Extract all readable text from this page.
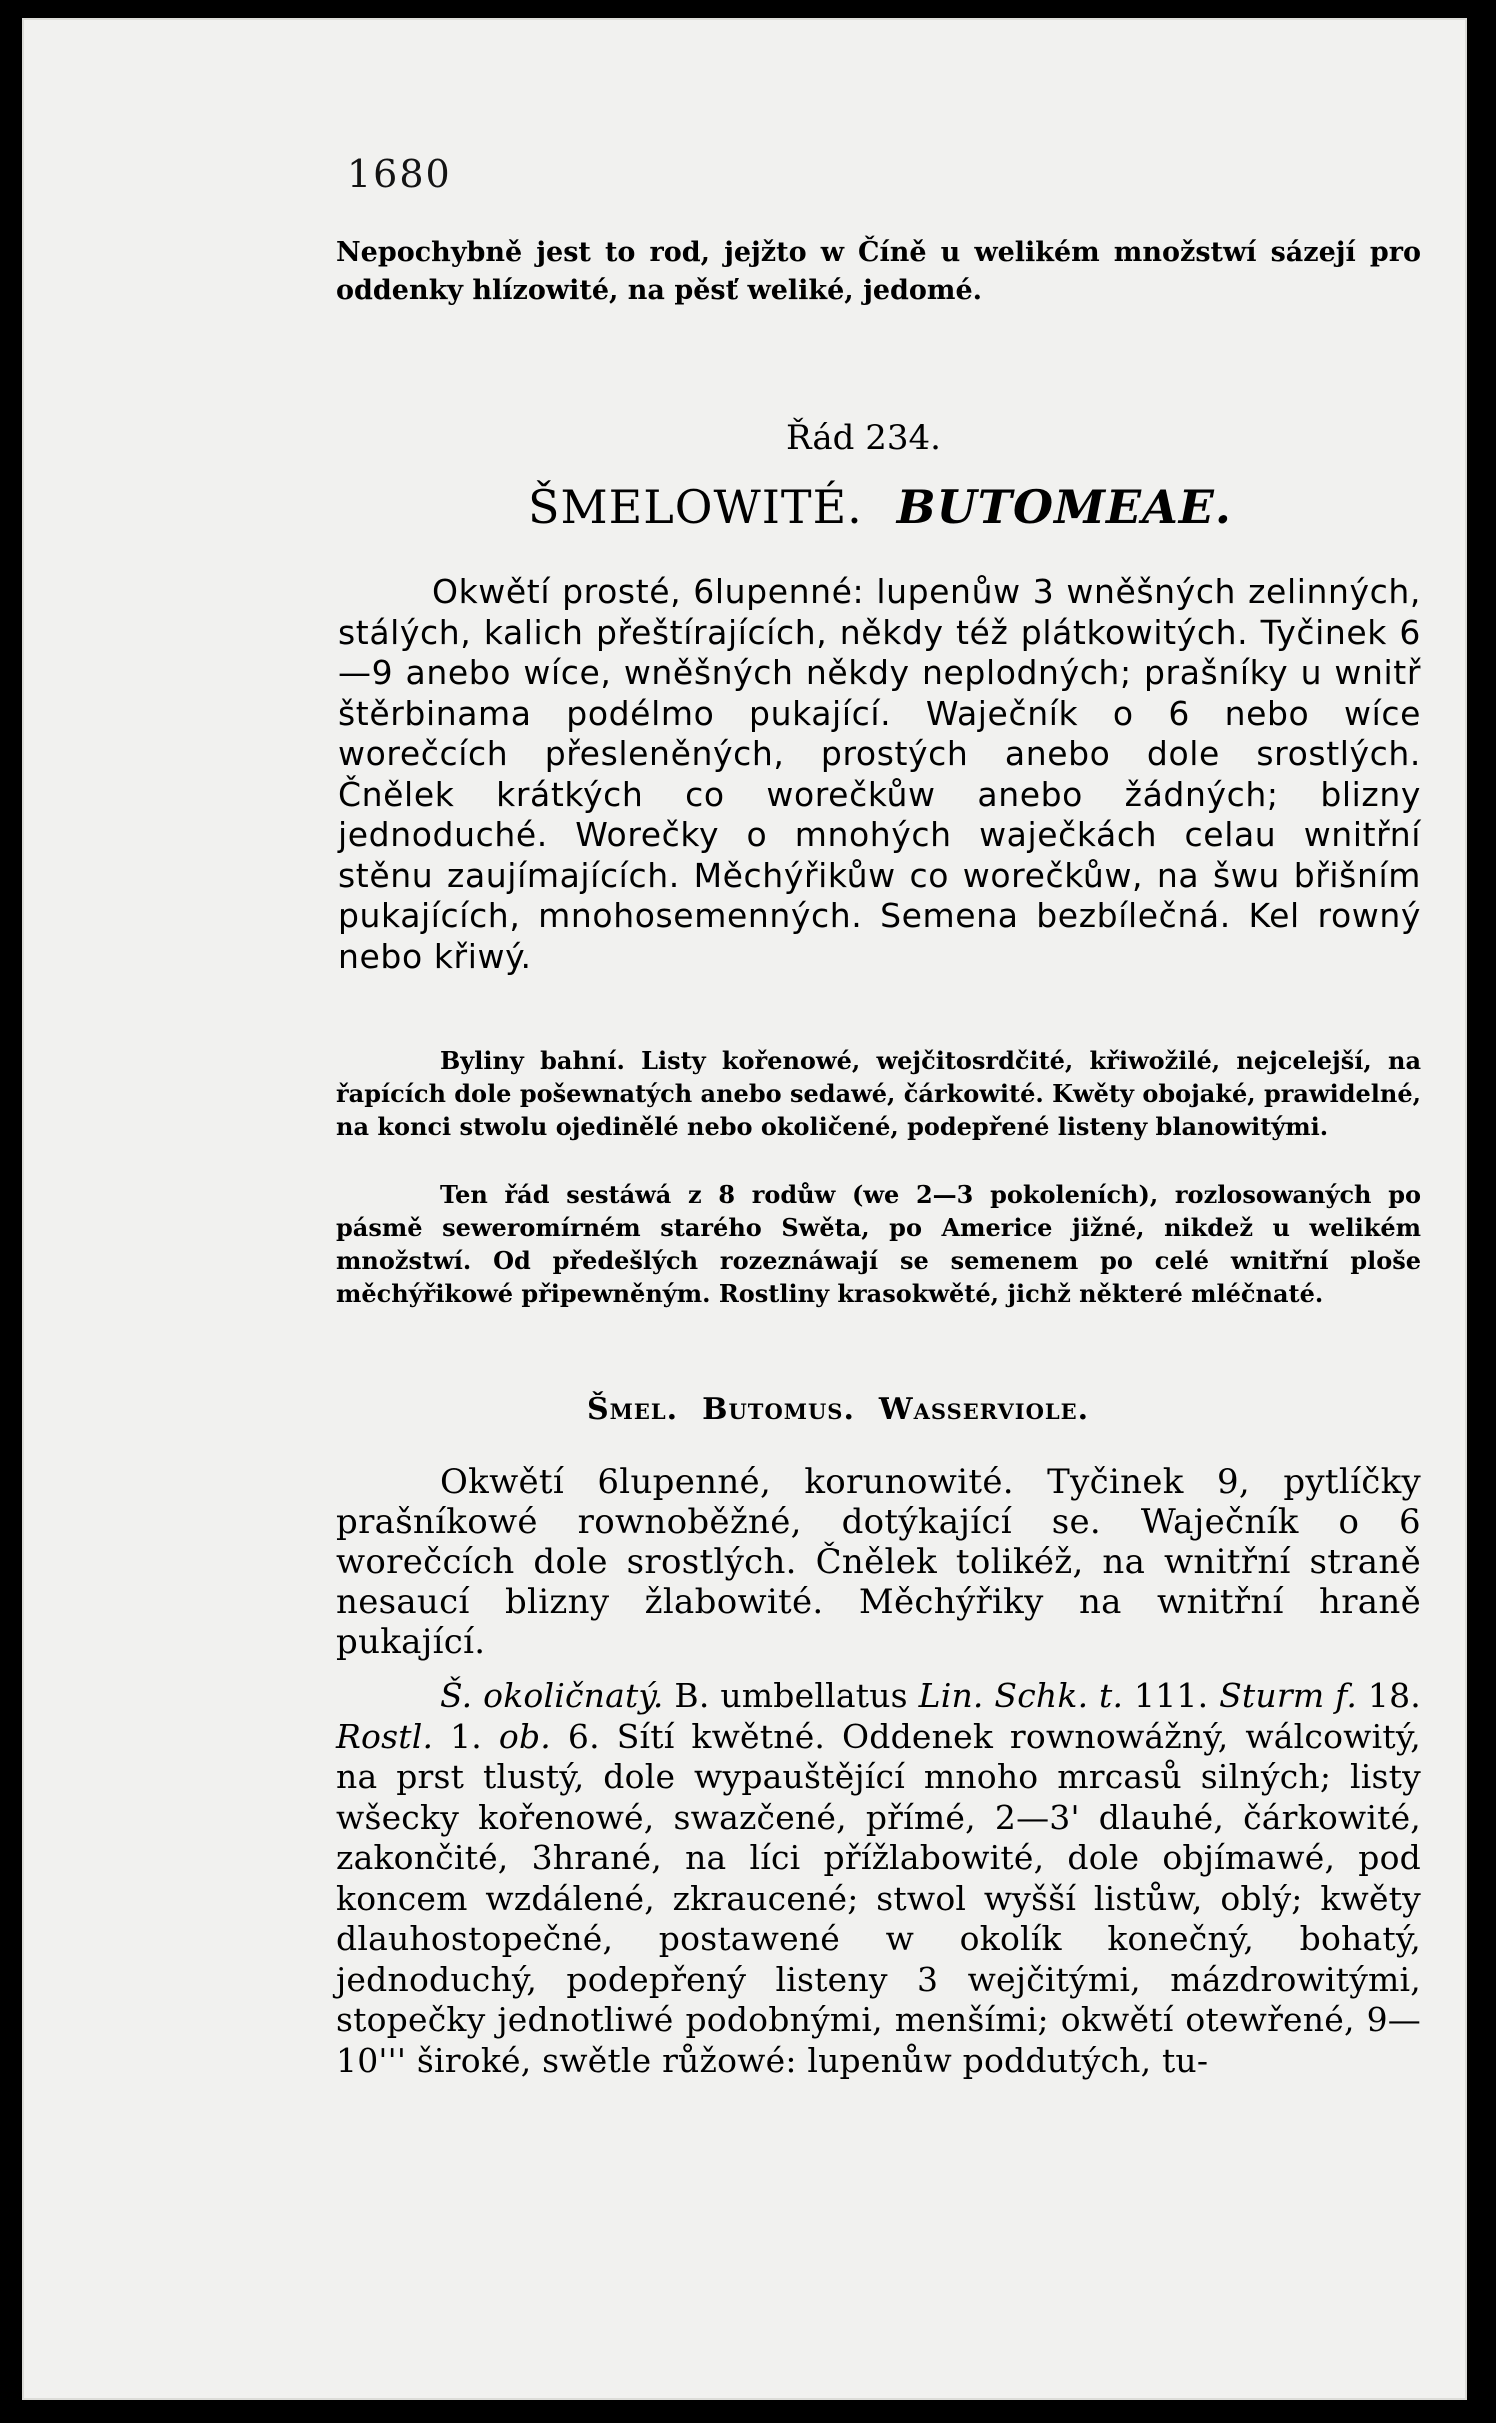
1680

Nepochybně jest to rod, jejžto w Číně u welikém množstwí sázejí pro oddenky hlízowité, na pěsť weliké, jedomé.

Řád 234.

ŠMELOWITÉ. BUTOMEAE.

Okwětí prosté, 6lupenné: lupenůw 3 wněšných zelinných, stálých, kalich přeštírajících, někdy též plátkowitých. Tyčinek 6—9 anebo wíce, wněšných někdy neplodných; prašníky u wnitř štěrbinama podélmo pukající. Waječník o 6 nebo wíce worečcích přesleněných, prostých anebo dole srostlých. Čnělek krátkých co worečkůw anebo žádných; blizny jednoduché. Worečky o mnohých waječkách celau wnitřní stěnu zaujímajících. Měchýřikůw co worečkůw, na šwu břišním pukajících, mnohosemenných. Semena bezbílečná. Kel rowný nebo křiwý.

Byliny bahní. Listy kořenowé, wejčitosrdčité, křiwožilé, nejcelejší, na řapících dole pošewnatých anebo sedawé, čárkowité. Kwěty obojaké, prawidelné, na konci stwolu ojedinělé nebo okoličené, podepřené listeny blanowitými.

Ten řád sestáwá z 8 rodůw (we 2—3 pokoleních), rozlosowaných po pásmě seweromírném starého Swěta, po Americe jižné, nikdež u welikém množstwí. Od předešlých rozeznáwají se semenem po celé wnitřní ploše měchýřikowé připewněným. Rostliny krasokwěté, jichž některé mléčnaté.

Šmel. Butomus. Wasserviole.

Okwětí 6lupenné, korunowité. Tyčinek 9, pytlíčky prašníkowé rownoběžné, dotýkající se. Waječník o 6 worečcích dole srostlých. Čnělek tolikéž, na wnitřní straně nesaucí blizny žlabowité. Měchýřiky na wnitřní hraně pukající.

Š. okoličnatý. B. umbellatus Lin. Schk. t. 111. Sturm f. 18. Rostl. 1. ob. 6. Sítí kwětné. Oddenek rownowážný, wálcowitý, na prst tlustý, dole wypauštějící mnoho mrcasů silných; listy wšecky kořenowé, swazčené, přímé, 2—3' dlauhé, čárkowité, zakončité, 3hrané, na líci přížlabowité, dole objímawé, pod koncem wzdálené, zkraucené; stwol wyšší listůw, oblý; kwěty dlauhostopečné, postawené w okolík konečný, bohatý, jednoduchý, podepřený listeny 3 wejčitými, mázdrowitými, stopečky jednotliwé podobnými, menšími; okwětí otewřené, 9—10''' široké, swětle růžowé: lupenůw poddutých, tu-
